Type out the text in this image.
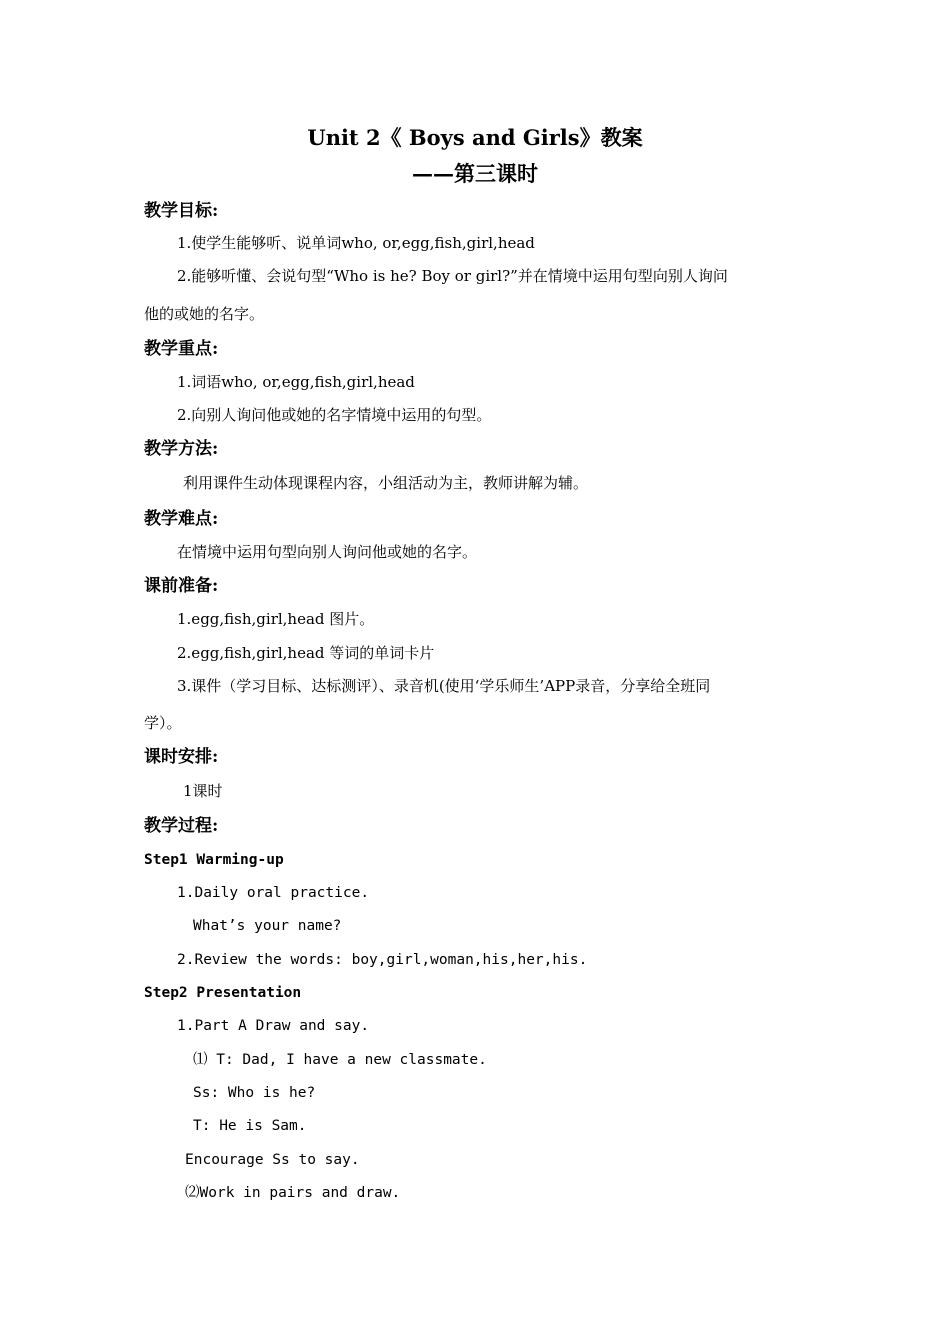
Unit 2《 Boys and Girls》教案
——第三课时
教学目标:
1.使学生能够听、说单词who, or,egg,fish,girl,head
2.能够听懂、会说句型“Who is he? Boy or girl?”并在情境中运用句型向别人询问
他的或她的名字。
教学重点:
1.词语who, or,egg,fish,girl,head
2.向别人询问他或她的名字情境中运用的句型。
教学方法:
利用课件生动体现课程内容，小组活动为主，教师讲解为辅。
教学难点:
在情境中运用句型向别人询问他或她的名字。
课前准备:
1.egg,fish,girl,head 图片。
2.egg,fish,girl,head 等词的单词卡片
3.课件（学习目标、达标测评）、录音机(使用‘学乐师生’APP录音，分享给全班同
学）。
课时安排:
1课时
教学过程:
Step1 Warming-up
1.Daily oral practice.
What’s your name?
2.Review the words: boy,girl,woman,his,her,his.
Step2 Presentation
1.Part A Draw and say.
⑴ T: Dad, I have a new classmate.
Ss: Who is he?
T: He is Sam.
Encourage Ss to say.
⑵Work in pairs and draw.
